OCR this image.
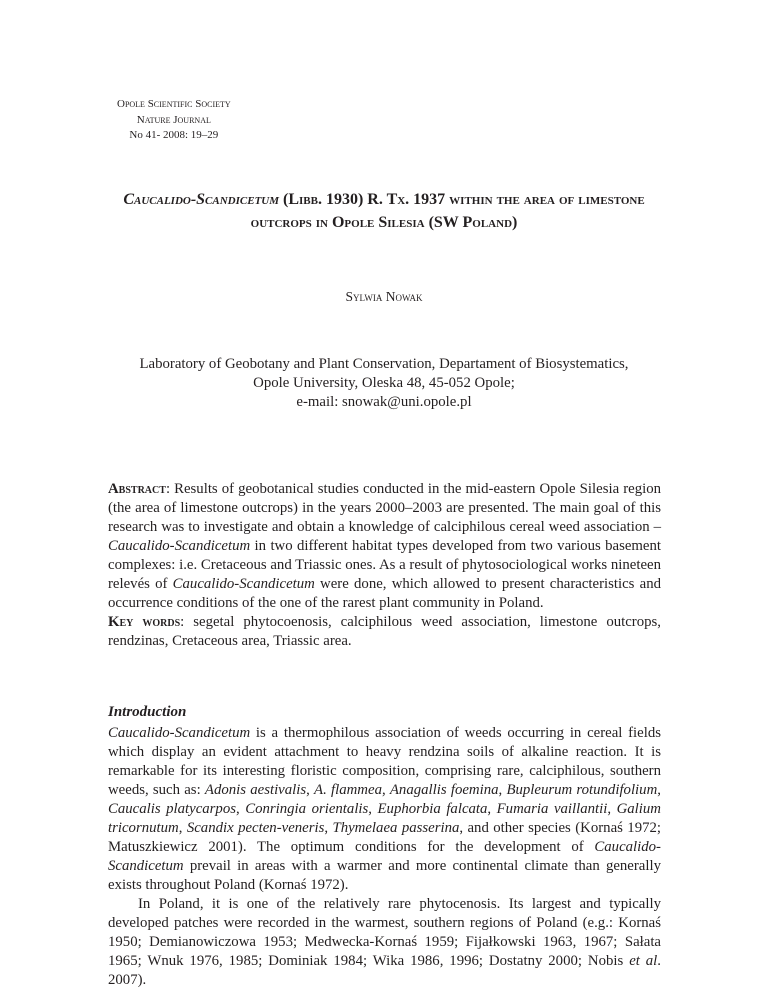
Opole Scientific Society
Nature Journal
No 41- 2008: 19–29
Caucalido-Scandicetum (Libb. 1930) R. Tx. 1937 within the area of limestone outcrops in Opole Silesia (SW Poland)
Sylwia Nowak
Laboratory of Geobotany and Plant Conservation, Departament of Biosystematics,
Opole University, Oleska 48, 45-052 Opole;
e-mail: snowak@uni.opole.pl
Abstract: Results of geobotanical studies conducted in the mid-eastern Opole Silesia region (the area of limestone outcrops) in the years 2000–2003 are presented. The main goal of this research was to investigate and obtain a knowledge of calciphilous cereal weed association – Caucalido-Scandicetum in two different habitat types developed from two various basement complexes: i.e. Cretaceous and Triassic ones. As a result of phytosociological works nineteen relevés of Caucalido-Scandicetum were done, which allowed to present characteristics and occurrence conditions of the one of the rarest plant community in Poland.
Key words: segetal phytocoenosis, calciphilous weed association, limestone outcrops, rendzinas, Cretaceous area, Triassic area.
Introduction
Caucalido-Scandicetum is a thermophilous association of weeds occurring in cereal fields which display an evident attachment to heavy rendzina soils of alkaline reaction. It is remarkable for its interesting floristic composition, comprising rare, calciphilous, southern weeds, such as: Adonis aestivalis, A. flammea, Anagallis foemina, Bupleurum rotundifolium, Caucalis platycarpos, Conringia orientalis, Euphorbia falcata, Fumaria vaillantii, Galium tricornutum, Scandix pecten-veneris, Thymelaea passerina, and other species (Kornaś 1972; Matuszkiewicz 2001). The optimum conditions for the development of Caucalido-Scandicetum prevail in areas with a warmer and more continental climate than generally exists throughout Poland (Kornaś 1972).
In Poland, it is one of the relatively rare phytocenosis. Its largest and typically developed patches were recorded in the warmest, southern regions of Poland (e.g.: Kornaś 1950; Demianowiczowa 1953; Medwecka-Kornaś 1959; Fijałkowski 1963, 1967; Sałata 1965; Wnuk 1976, 1985; Dominiak 1984; Wika 1986, 1996; Dostatny 2000; Nobis et al. 2007).
